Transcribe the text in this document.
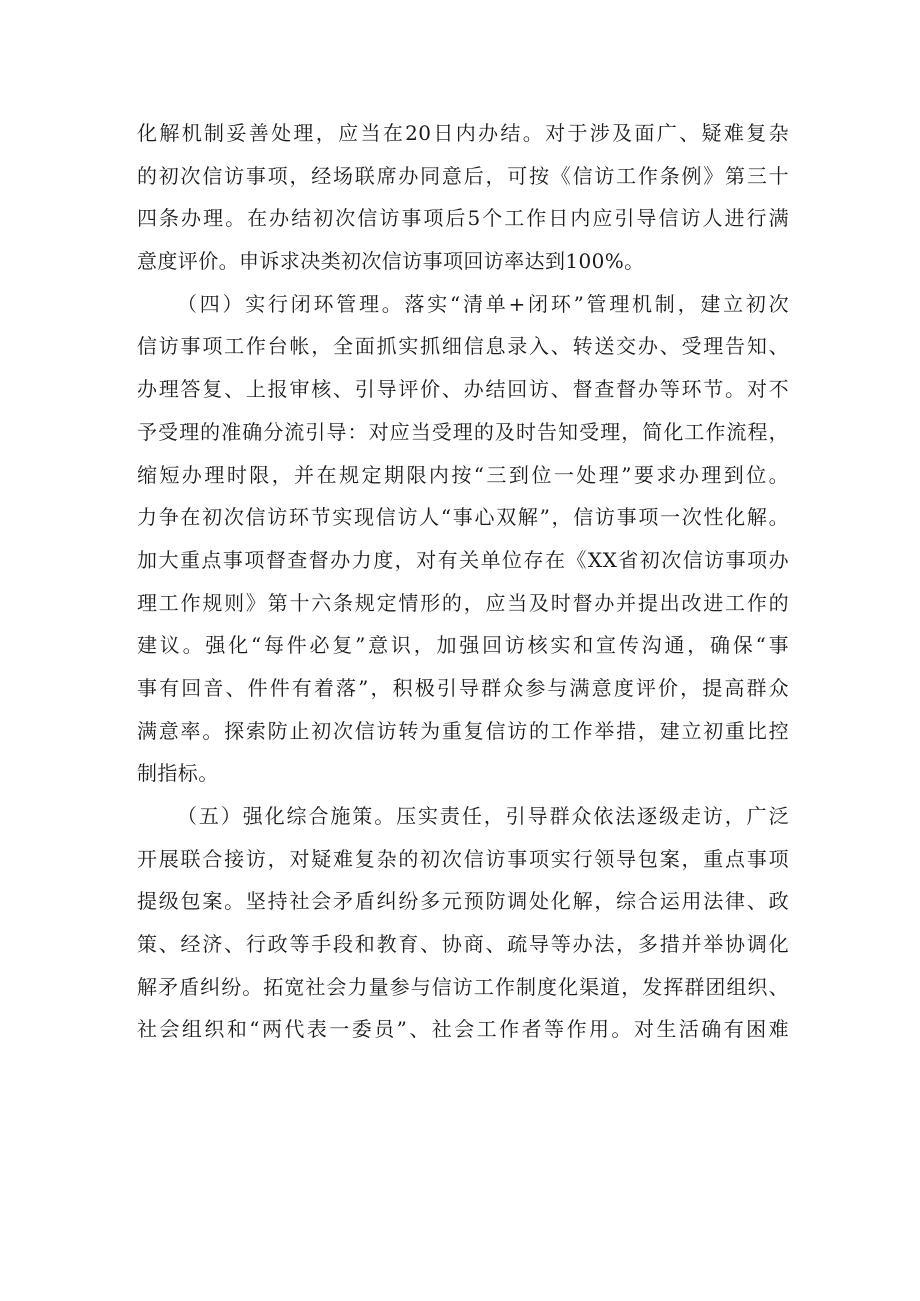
化解机制妥善处理，应当在20日内办结。对于涉及面广、疑难复杂
的初次信访事项，经场联席办同意后，可按《信访工作条例》第三十
四条办理。在办结初次信访事项后5个工作日内应引导信访人进行满
意度评价。申诉求决类初次信访事项回访率达到100%。
（四）实行闭环管理。落实“清单+闭环”管理机制，建立初次
信访事项工作台帐，全面抓实抓细信息录入、转送交办、受理告知、
办理答复、上报审核、引导评价、办结回访、督查督办等环节。对不
予受理的准确分流引导：对应当受理的及时告知受理，简化工作流程，
缩短办理时限，并在规定期限内按“三到位一处理”要求办理到位。
力争在初次信访环节实现信访人“事心双解”，信访事项一次性化解。
加大重点事项督查督办力度，对有关单位存在《XX省初次信访事项办
理工作规则》第十六条规定情形的，应当及时督办并提出改进工作的
建议。强化“每件必复”意识，加强回访核实和宣传沟通，确保“事
事有回音、件件有着落”，积极引导群众参与满意度评价，提高群众
满意率。探索防止初次信访转为重复信访的工作举措，建立初重比控
制指标。
（五）强化综合施策。压实责任，引导群众依法逐级走访，广泛
开展联合接访，对疑难复杂的初次信访事项实行领导包案，重点事项
提级包案。坚持社会矛盾纠纷多元预防调处化解，综合运用法律、政
策、经济、行政等手段和教育、协商、疏导等办法，多措并举协调化
解矛盾纠纷。拓宽社会力量参与信访工作制度化渠道，发挥群团组织、
社会组织和“两代表一委员”、社会工作者等作用。对生活确有困难
